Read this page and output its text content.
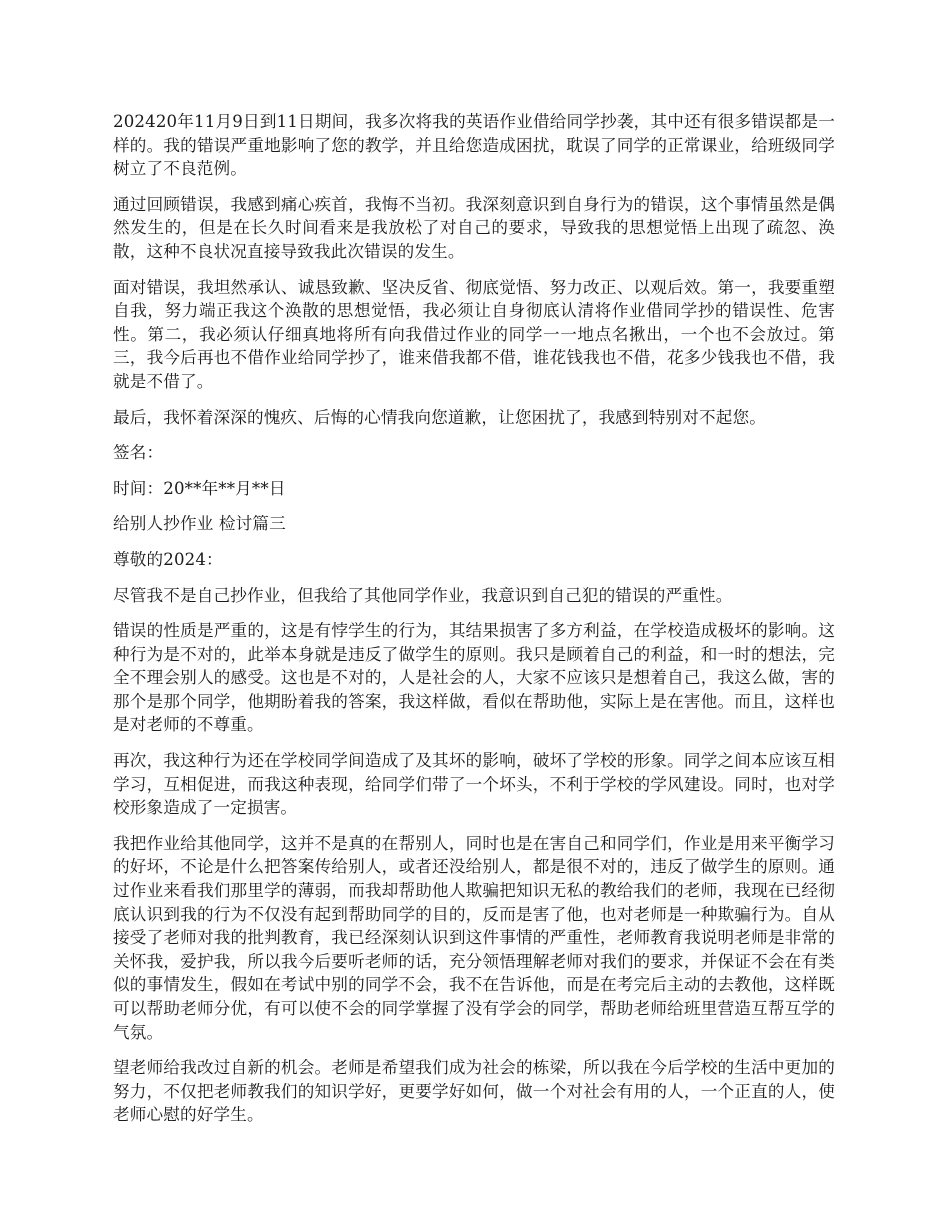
202420年11月9日到11日期间，我多次将我的英语作业借给同学抄袭，其中还有很多错误都是一样的。我的错误严重地影响了您的教学，并且给您造成困扰，耽误了同学的正常课业，给班级同学树立了不良范例。

通过回顾错误，我感到痛心疾首，我悔不当初。我深刻意识到自身行为的错误，这个事情虽然是偶然发生的，但是在长久时间看来是我放松了对自己的要求，导致我的思想觉悟上出现了疏忽、涣散，这种不良状况直接导致我此次错误的发生。

面对错误，我坦然承认、诚恳致歉、坚决反省、彻底觉悟、努力改正、以观后效。第一，我要重塑自我，努力端正我这个涣散的思想觉悟，我必须让自身彻底认清将作业借同学抄的错误性、危害性。第二，我必须认仔细真地将所有向我借过作业的同学一一地点名揪出，一个也不会放过。第三，我今后再也不借作业给同学抄了，谁来借我都不借，谁花钱我也不借，花多少钱我也不借，我就是不借了。

最后，我怀着深深的愧疚、后悔的心情我向您道歉，让您困扰了，我感到特别对不起您。

签名：

时间：20**年**月**日

给别人抄作业 检讨篇三

尊敬的2024：

尽管我不是自己抄作业，但我给了其他同学作业，我意识到自己犯的错误的严重性。

错误的性质是严重的，这是有悖学生的行为，其结果损害了多方利益，在学校造成极坏的影响。这种行为是不对的，此举本身就是违反了做学生的原则。我只是顾着自己的利益，和一时的想法，完全不理会别人的感受。这也是不对的，人是社会的人，大家不应该只是想着自己，我这么做，害的那个是那个同学，他期盼着我的答案，我这样做，看似在帮助他，实际上是在害他。而且，这样也是对老师的不尊重。

再次，我这种行为还在学校同学间造成了及其坏的影响，破坏了学校的形象。同学之间本应该互相学习，互相促进，而我这种表现，给同学们带了一个坏头，不利于学校的学风建设。同时，也对学校形象造成了一定损害。

我把作业给其他同学，这并不是真的在帮别人，同时也是在害自己和同学们，作业是用来平衡学习的好坏，不论是什么把答案传给别人，或者还没给别人，都是很不对的，违反了做学生的原则。通过作业来看我们那里学的薄弱，而我却帮助他人欺骗把知识无私的教给我们的老师，我现在已经彻底认识到我的行为不仅没有起到帮助同学的目的，反而是害了他，也对老师是一种欺骗行为。自从接受了老师对我的批判教育，我已经深刻认识到这件事情的严重性，老师教育我说明老师是非常的关怀我，爱护我，所以我今后要听老师的话，充分领悟理解老师对我们的要求，并保证不会在有类似的事情发生，假如在考试中别的同学不会，我不在告诉他，而是在考完后主动的去教他，这样既可以帮助老师分优，有可以使不会的同学掌握了没有学会的同学，帮助老师给班里营造互帮互学的气氛。

望老师给我改过自新的机会。老师是希望我们成为社会的栋梁，所以我在今后学校的生活中更加的努力，不仅把老师教我们的知识学好，更要学好如何，做一个对社会有用的人，一个正直的人，使老师心慰的好学生。
